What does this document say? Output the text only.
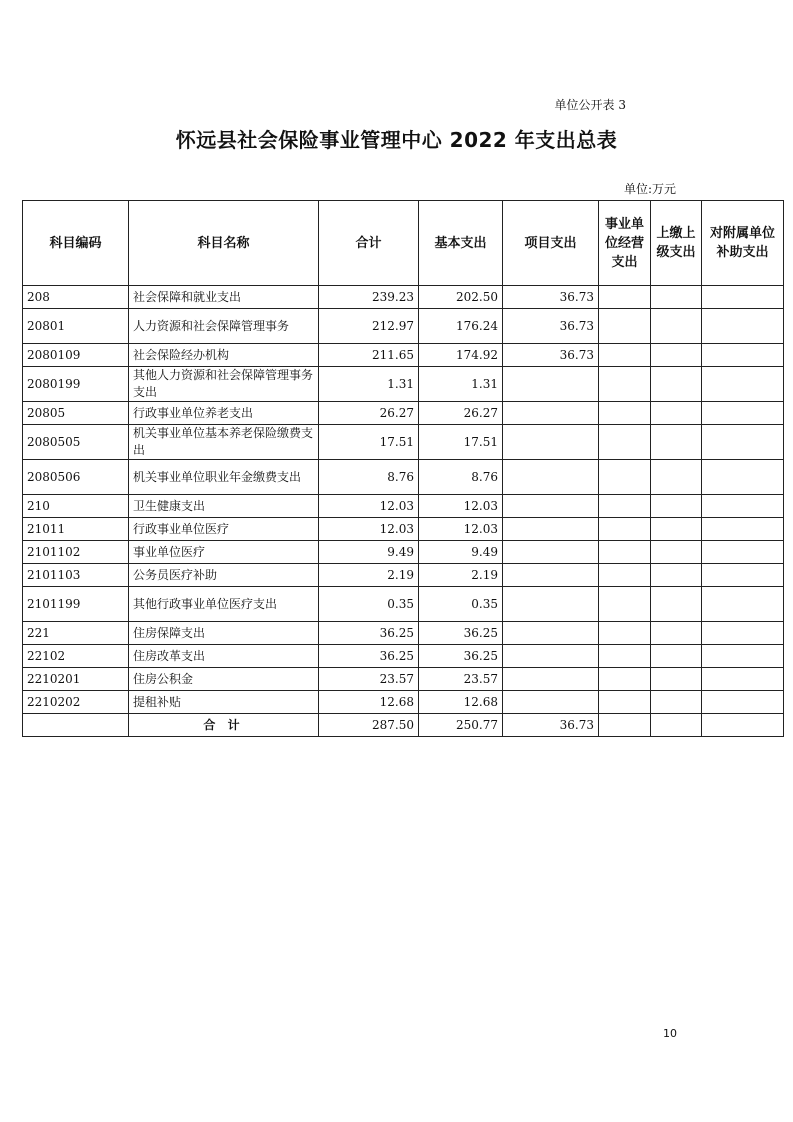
单位公开表 3
怀远县社会保险事业管理中心 2022 年支出总表
单位:万元
科目编码	科目名称	合计	基本支出	项目支出	事业单位经营支出	上缴上级支出	对附属单位补助支出
208	社会保障和就业支出	239.23	202.50	36.73			
20801	人力资源和社会保障管理事务	212.97	176.24	36.73			
2080109	社会保险经办机构	211.65	174.92	36.73			
2080199	其他人力资源和社会保障管理事务支出	1.31	1.31				
20805	行政事业单位养老支出	26.27	26.27				
2080505	机关事业单位基本养老保险缴费支出	17.51	17.51				
2080506	机关事业单位职业年金缴费支出	8.76	8.76				
210	卫生健康支出	12.03	12.03				
21011	行政事业单位医疗	12.03	12.03				
2101102	事业单位医疗	9.49	9.49				
2101103	公务员医疗补助	2.19	2.19				
2101199	其他行政事业单位医疗支出	0.35	0.35				
221	住房保障支出	36.25	36.25				
22102	住房改革支出	36.25	36.25				
2210201	住房公积金	23.57	23.57				
2210202	提租补贴	12.68	12.68				
	合 计	287.50	250.77	36.73			
10
